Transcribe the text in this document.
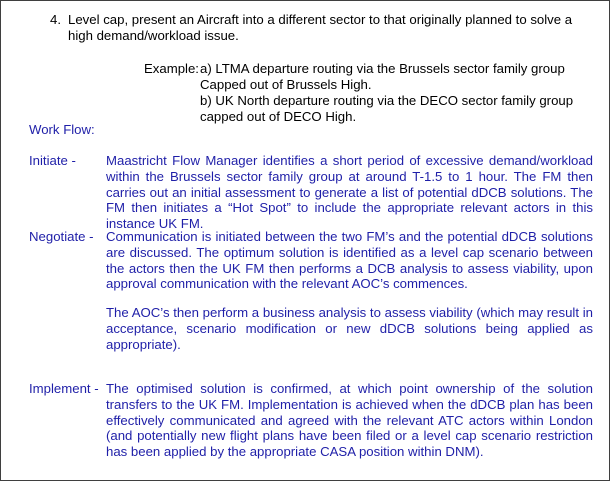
4. Level cap, present an Aircraft into a different sector to that originally planned to solve a high demand/workload issue.
Example: a) LTMA departure routing via the Brussels sector family group
Capped out of Brussels High.
b) UK North departure routing via the DECO sector family group
capped out of DECO High.
Work Flow:
Initiate - Maastricht Flow Manager identifies a short period of excessive demand/workload within the Brussels sector family group at around T-1.5 to 1 hour. The FM then carries out an initial assessment to generate a list of potential dDCB solutions. The FM then initiates a “Hot Spot” to include the appropriate relevant actors in this instance UK FM.
Negotiate - Communication is initiated between the two FM’s and the potential dDCB solutions are discussed. The optimum solution is identified as a level cap scenario between the actors then the UK FM then performs a DCB analysis to assess viability, upon approval communication with the relevant AOC’s commences.
The AOC’s then perform a business analysis to assess viability (which may result in acceptance, scenario modification or new dDCB solutions being applied as appropriate).
Implement - The optimised solution is confirmed, at which point ownership of the solution transfers to the UK FM. Implementation is achieved when the dDCB plan has been effectively communicated and agreed with the relevant ATC actors within London (and potentially new flight plans have been filed or a level cap scenario restriction has been applied by the appropriate CASA position within DNM).
